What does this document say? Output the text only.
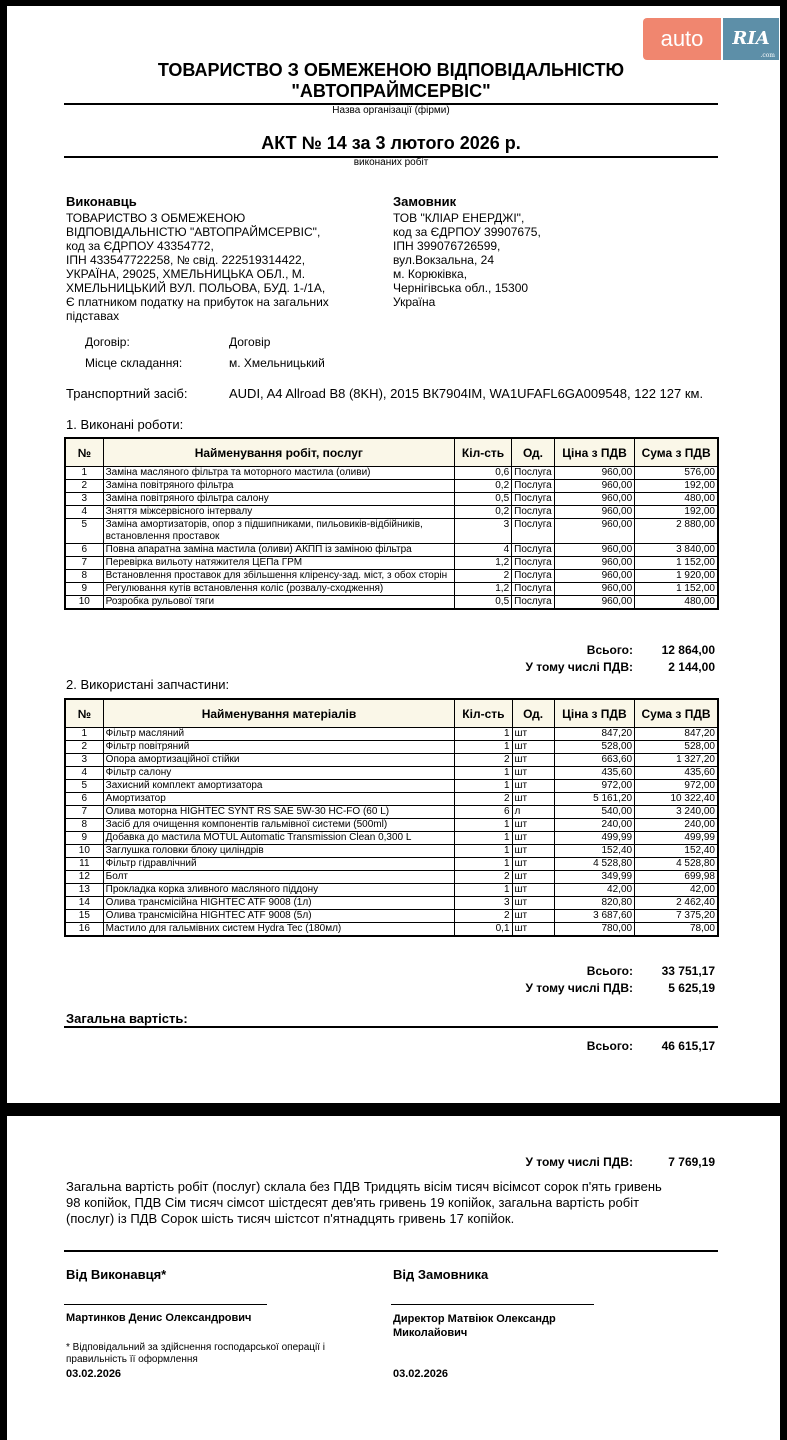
auto	RIA
.com
ТОВАРИСТВО З ОБМЕЖЕНОЮ ВІДПОВІДАЛЬНІСТЮ
"АВТОПРАЙМСЕРВІС"
Назва організації (фірми)
АКТ № 14 за 3 лютого 2026 р.
виконаних робіт
Виконавць
ТОВАРИСТВО З ОБМЕЖЕНОЮ
ВІДПОВІДАЛЬНІСТЮ "АВТОПРАЙМСЕРВІС",
код за ЄДРПОУ 43354772,
ІПН 433547722258, № свід. 222519314422,
УКРАЇНА, 29025, ХМЕЛЬНИЦЬКА ОБЛ., М.
ХМЕЛЬНИЦЬКИЙ ВУЛ. ПОЛЬОВА, БУД. 1-/1А,
Є платником податку на прибуток на загальних
підставах
Замовник
ТОВ "КЛІАР ЕНЕРДЖІ",
код за ЄДРПОУ 39907675,
ІПН 399076726599,
вул.Вокзальна, 24
м. Корюківка,
Чернігівська обл., 15300
Україна
Договір:	Договір
Місце складання:	м. Хмельницький
Транспортний засіб:	AUDI, A4 Allroad B8 (8KH), 2015 ВК7904ІМ, WA1UFAFL6GA009548, 122 127 км.
1. Виконані роботи:
№	Найменування робіт, послуг	Кіл-сть	Од.	Ціна з ПДВ	Сума з ПДВ
1	Заміна масляного фільтра та моторного мастила (оливи)	0,6	Послуга	960,00	576,00
2	Заміна повітряного фільтра	0,2	Послуга	960,00	192,00
3	Заміна повітряного фільтра салону	0,5	Послуга	960,00	480,00
4	Зняття міжсервісного інтервалу	0,2	Послуга	960,00	192,00
5	Заміна амортизаторів, опор з підшипниками, пильовиків-відбійників, встановлення проставок	3	Послуга	960,00	2 880,00
6	Повна апаратна заміна мастила (оливи) АКПП із заміною фільтра	4	Послуга	960,00	3 840,00
7	Перевірка вильоту натяжителя ЦЕПа ГРМ	1,2	Послуга	960,00	1 152,00
8	Встановлення проставок для збільшення кліренсу-зад. міст, з обох сторін	2	Послуга	960,00	1 920,00
9	Регулювання кутів встановлення коліс (розвалу-сходження)	1,2	Послуга	960,00	1 152,00
10	Розробка рульової тяги	0,5	Послуга	960,00	480,00
Всього:	12 864,00
У тому числі ПДВ:	2 144,00
2. Використані запчастини:
№	Найменування матеріалів	Кіл-сть	Од.	Ціна з ПДВ	Сума з ПДВ
1	Фільтр масляний	1	шт	847,20	847,20
2	Фільтр повітряний	1	шт	528,00	528,00
3	Опора амортизаційної стійки	2	шт	663,60	1 327,20
4	Фільтр салону	1	шт	435,60	435,60
5	Захисний комплект амортизатора	1	шт	972,00	972,00
6	Амортизатор	2	шт	5 161,20	10 322,40
7	Олива моторна HIGHTEC SYNT RS SAE 5W-30 HC-FO (60 L)	6	л	540,00	3 240,00
8	Засіб для очищення компонентів гальмівної системи (500ml)	1	шт	240,00	240,00
9	Добавка до мастила MOTUL Automatic Transmission Clean 0,300 L	1	шт	499,99	499,99
10	Заглушка головки блоку циліндрів	1	шт	152,40	152,40
11	Фільтр гідравлічний	1	шт	4 528,80	4 528,80
12	Болт	2	шт	349,99	699,98
13	Прокладка корка зливного масляного піддону	1	шт	42,00	42,00
14	Олива трансмісійна HIGHTEC ATF 9008 (1л)	3	шт	820,80	2 462,40
15	Олива трансмісійна HIGHTEC ATF 9008 (5л)	2	шт	3 687,60	7 375,20
16	Мастило для гальмівних систем Hydra Tec (180мл)	0,1	шт	780,00	78,00
Всього:	33 751,17
У тому числі ПДВ:	5 625,19
Загальна вартість:
Всього:	46 615,17
У тому числі ПДВ:	7 769,19
Загальна вартість робіт (послуг) склала без ПДВ Тридцять вісім тисяч вісімсот сорок п'ять гривень
98 копійок, ПДВ Сім тисяч сімсот шістдесят дев'ять гривень 19 копійок, загальна вартість робіт
(послуг) із ПДВ Сорок шість тисяч шістсот п'ятнадцять гривень 17 копійок.
Від Виконавця*	Від Замовника
Мартинков Денис Олександрович	Директор Матвіюк Олександр
Миколайович
* Відповідальний за здійснення господарської операції і
правильність її оформлення
03.02.2026	03.02.2026
